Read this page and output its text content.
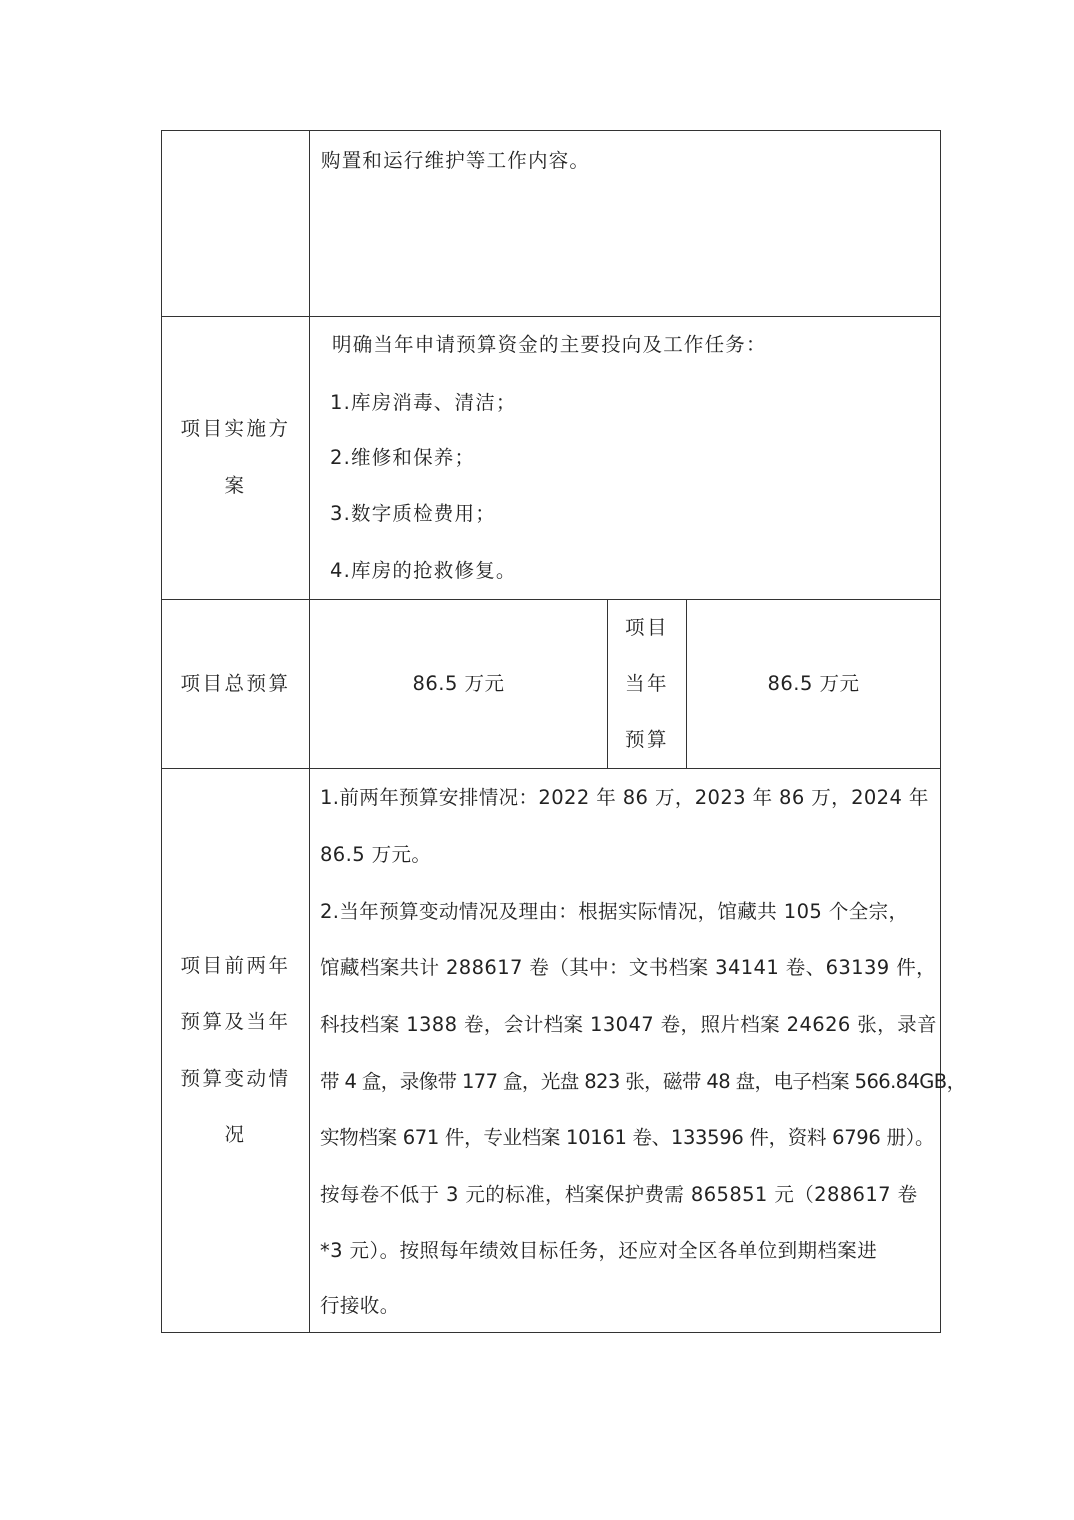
购置和运行维护等工作内容。
项目实施方
案
明确当年申请预算资金的主要投向及工作任务：
1.库房消毒、清洁；
2.维修和保养；
3.数字质检费用；
4.库房的抢救修复。
项目总预算	86.5 万元
项目
当年
预算
86.5 万元
项目前两年
预算及当年
预算变动情
况
1.前两年预算安排情况：2022 年 86 万，2023 年 86 万，2024 年
86.5 万元。
2.当年预算变动情况及理由：根据实际情况，馆藏共 105 个全宗，
馆藏档案共计 288617 卷（其中：文书档案 34141 卷、63139 件，
科技档案 1388 卷，会计档案 13047 卷，照片档案 24626 张，录音
带 4 盒，录像带 177 盒，光盘 823 张，磁带 48 盘，电子档案 566.84GB，
实物档案 671 件，专业档案 10161 卷、133596 件，资料 6796 册）。
按每卷不低于 3 元的标准，档案保护费需 865851 元（288617 卷
*3 元）。按照每年绩效目标任务，还应对全区各单位到期档案进
行接收。
